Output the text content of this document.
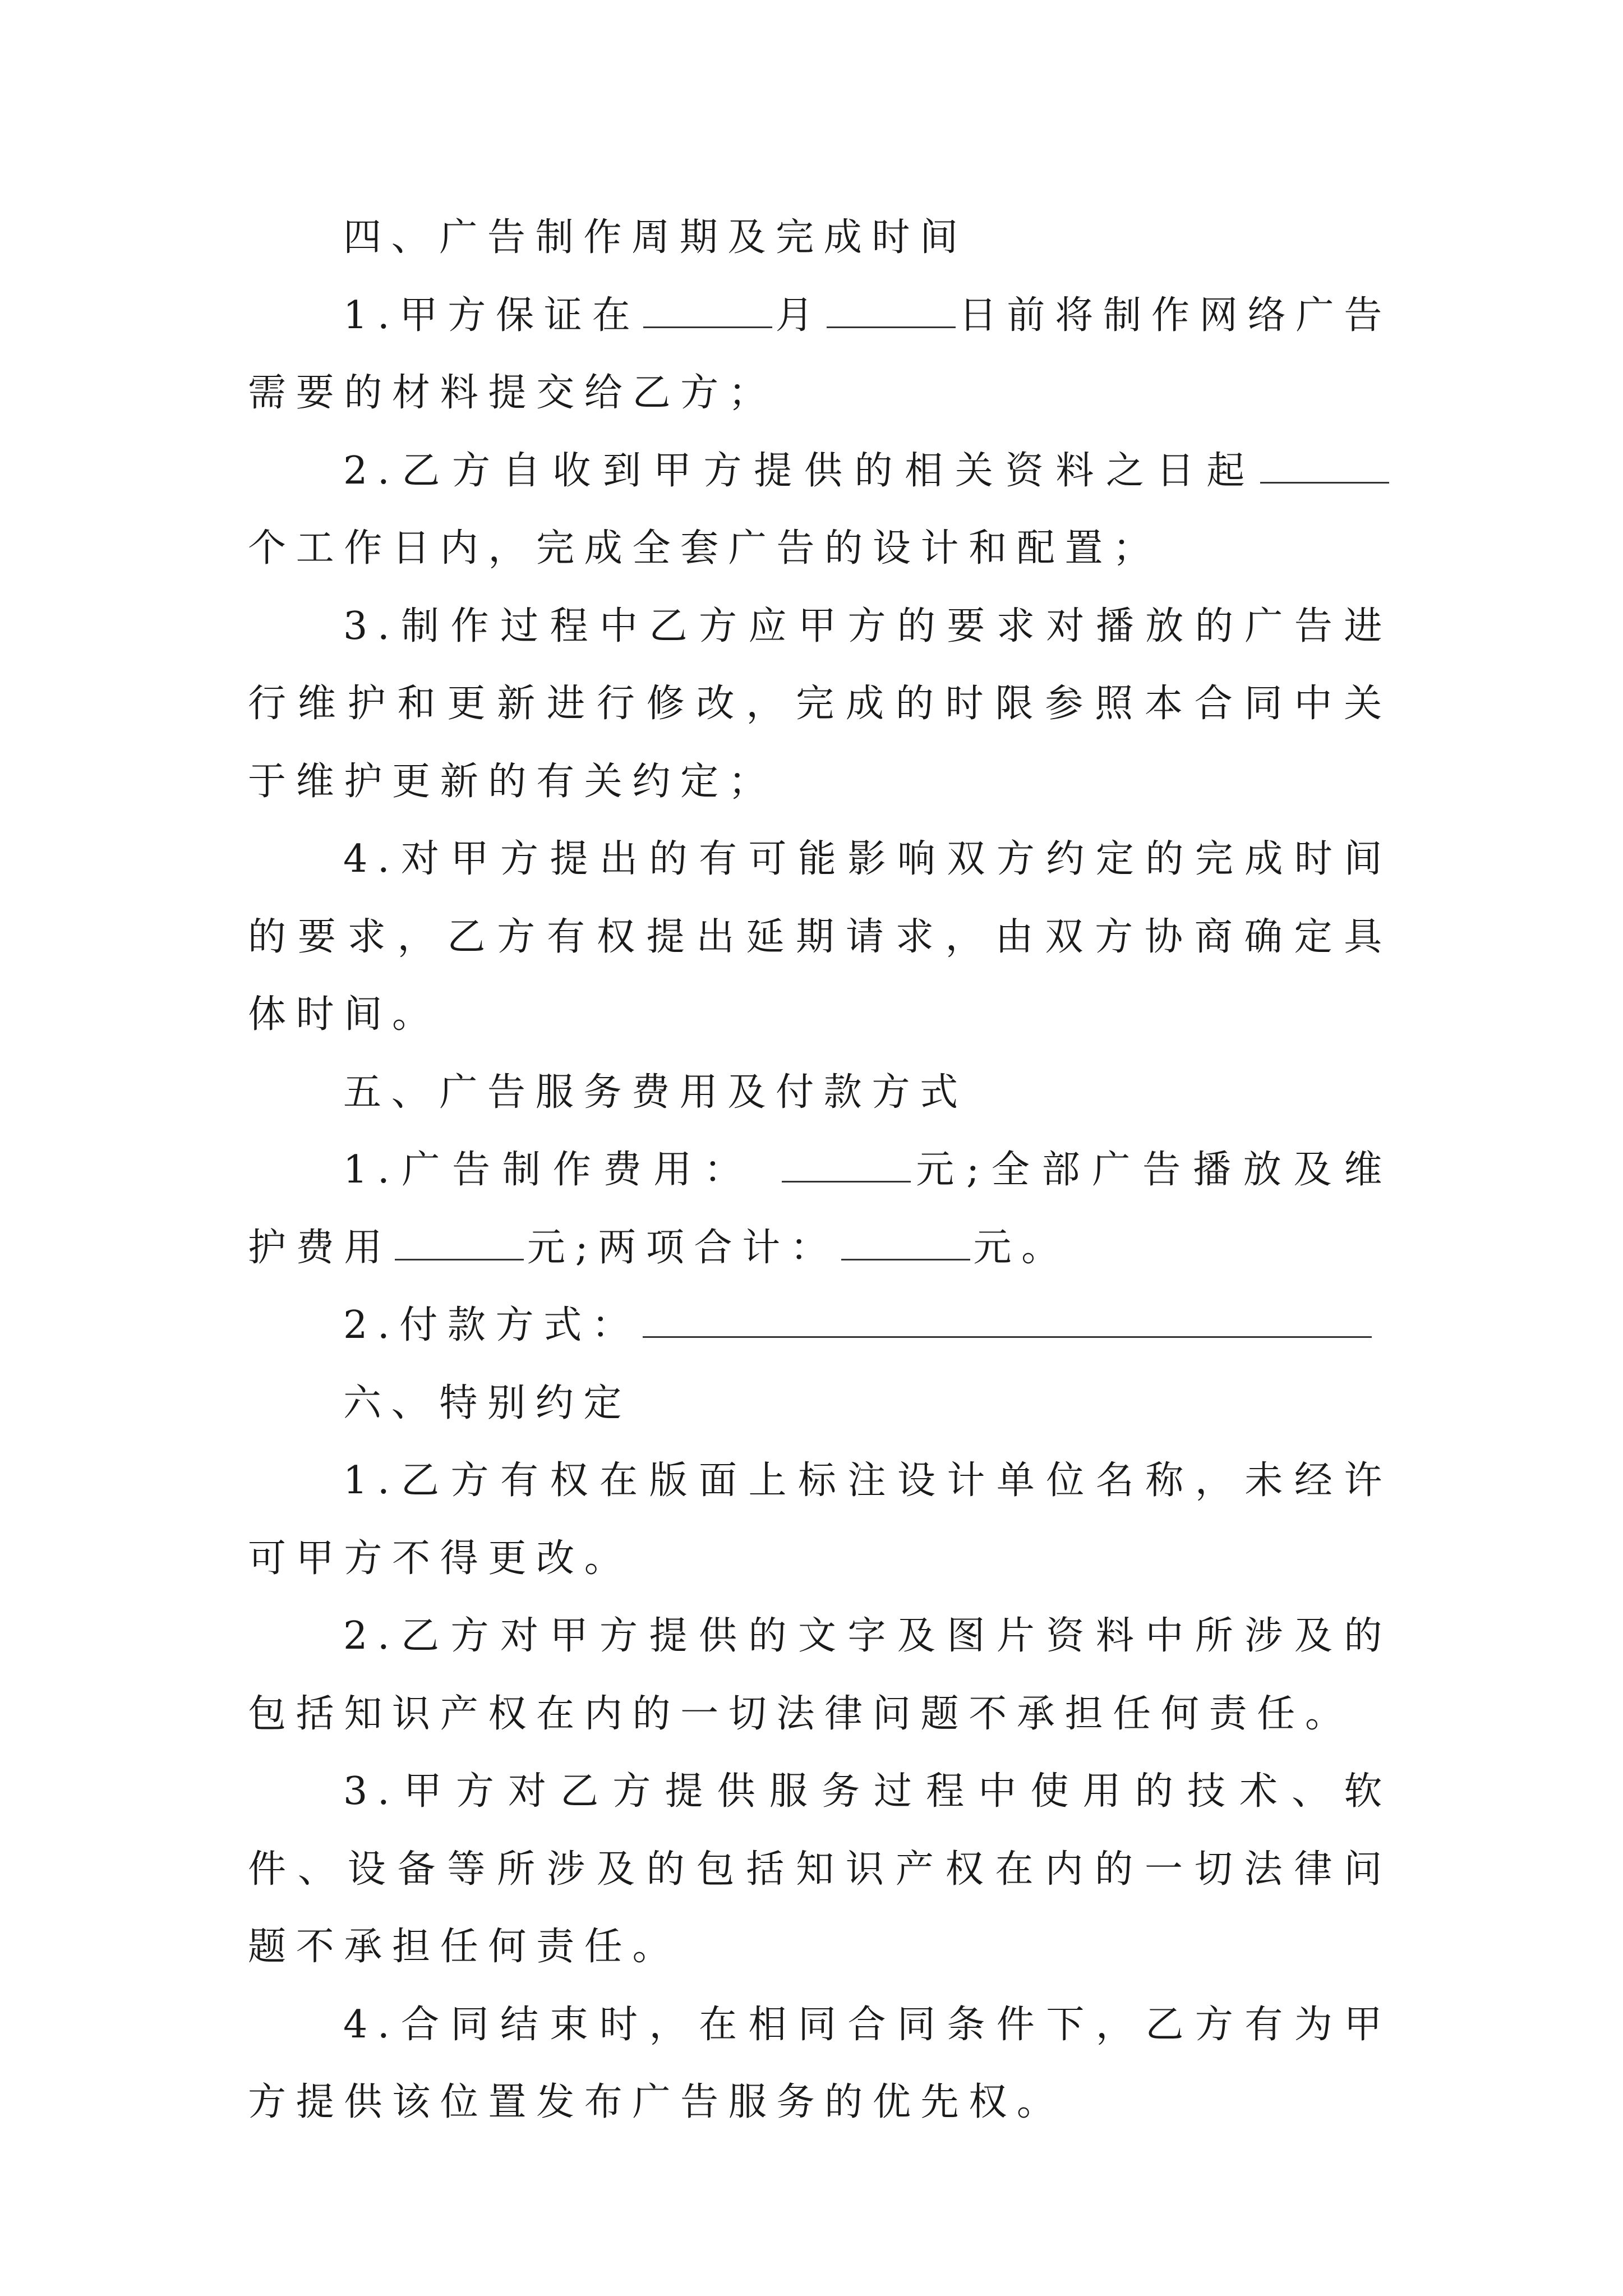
四、广告制作周期及完成时间

1.甲方保证在	月	日前将制作网络广告需要的材料提交给乙方；

2.乙方自收到甲方提供的相关资料之日起个工作日内，完成全套广告的设计和配置；

3.制作过程中乙方应甲方的要求对播放的广告进行维护和更新进行修改，完成的时限参照本合同中关于维护更新的有关约定；

4.对甲方提出的有可能影响双方约定的完成时间的要求，乙方有权提出延期请求，由双方协商确定具体时间。

五、广告服务费用及付款方式

1.广告制作费用：	元;全部广告播放及维护费用	元;两项合计：	元。

2.付款方式：

六、特别约定

1.乙方有权在版面上标注设计单位名称，未经许可甲方不得更改。

2.乙方对甲方提供的文字及图片资料中所涉及的包括知识产权在内的一切法律问题不承担任何责任。

3.甲方对乙方提供服务过程中使用的技术、软件、设备等所涉及的包括知识产权在内的一切法律问题不承担任何责任。

4.合同结束时，在相同合同条件下，乙方有为甲方提供该位置发布广告服务的优先权。
